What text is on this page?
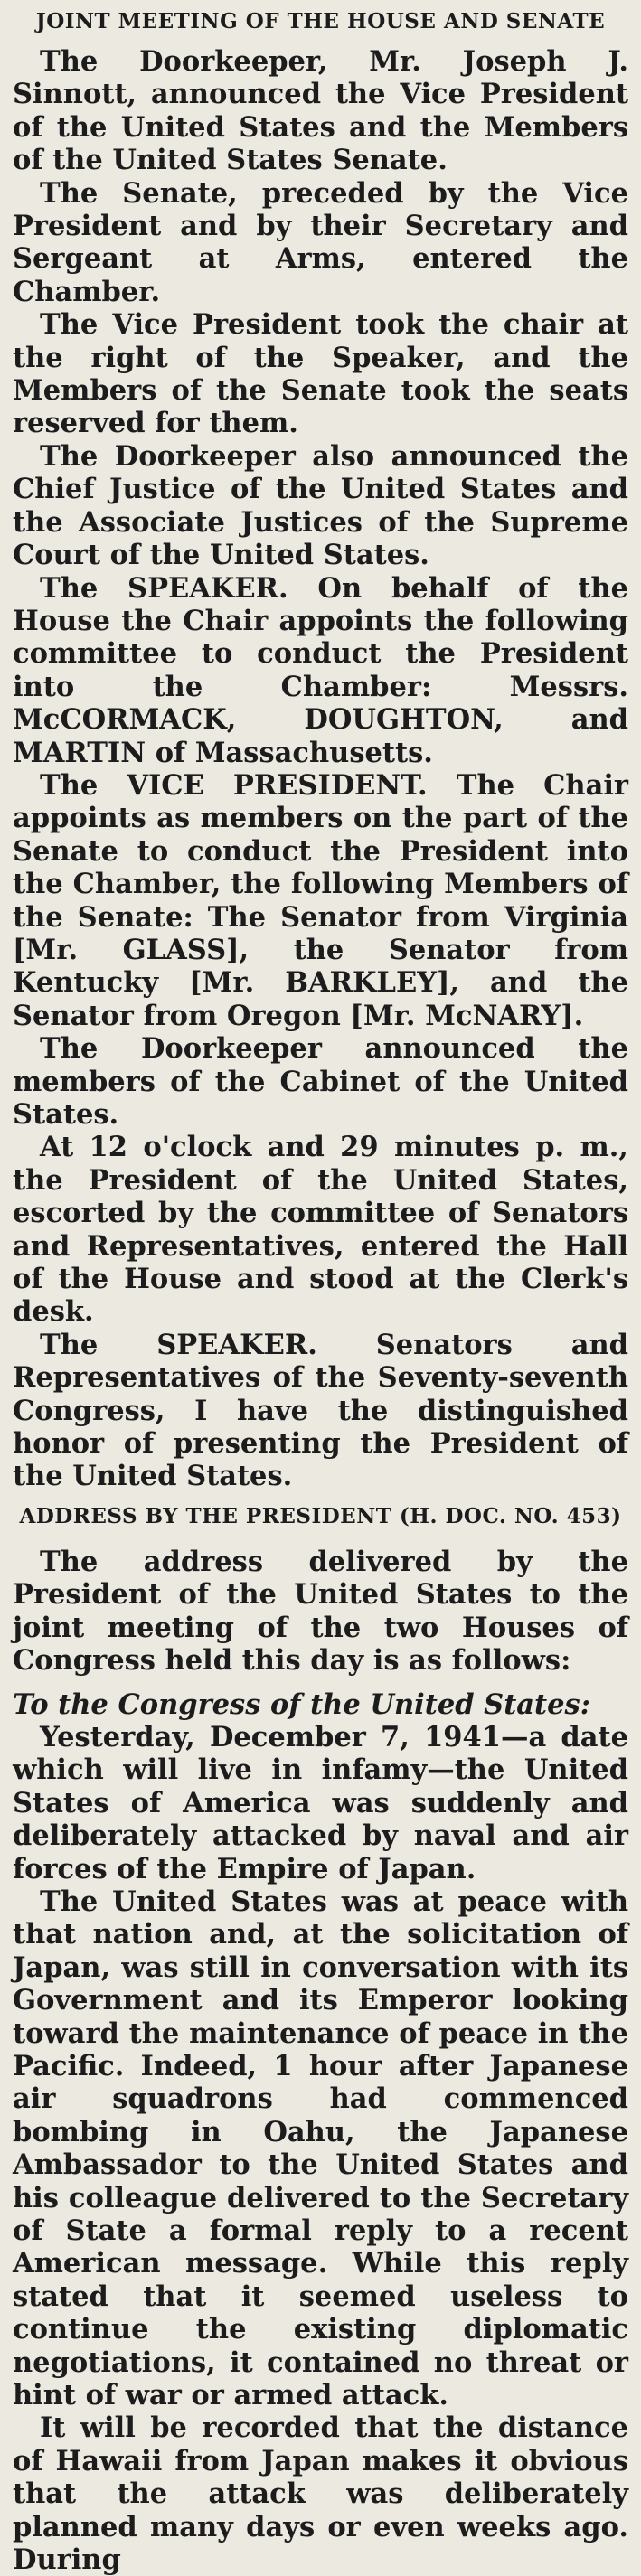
JOINT MEETING OF THE HOUSE AND SENATE

The Doorkeeper, Mr. Joseph J. Sinnott, announced the Vice President of the United States and the Members of the United States Senate.

The Senate, preceded by the Vice President and by their Secretary and Sergeant at Arms, entered the Chamber.

The Vice President took the chair at the right of the Speaker, and the Members of the Senate took the seats reserved for them.

The Doorkeeper also announced the Chief Justice of the United States and the Associate Justices of the Supreme Court of the United States.

The SPEAKER. On behalf of the House the Chair appoints the following committee to conduct the President into the Chamber: Messrs. McCORMACK, DOUGHTON, and MARTIN of Massachusetts.

The VICE PRESIDENT. The Chair appoints as members on the part of the Senate to conduct the President into the Chamber, the following Members of the Senate: The Senator from Virginia [Mr. GLASS], the Senator from Kentucky [Mr. BARKLEY], and the Senator from Oregon [Mr. McNARY].

The Doorkeeper announced the members of the Cabinet of the United States.

At 12 o'clock and 29 minutes p. m., the President of the United States, escorted by the committee of Senators and Representatives, entered the Hall of the House and stood at the Clerk's desk.

The SPEAKER. Senators and Representatives of the Seventy-seventh Congress, I have the distinguished honor of presenting the President of the United States.

ADDRESS BY THE PRESIDENT (H. DOC. NO. 453)

The address delivered by the President of the United States to the joint meeting of the two Houses of Congress held this day is as follows:

To the Congress of the United States:

Yesterday, December 7, 1941—a date which will live in infamy—the United States of America was suddenly and deliberately attacked by naval and air forces of the Empire of Japan.

The United States was at peace with that nation and, at the solicitation of Japan, was still in conversation with its Government and its Emperor looking toward the maintenance of peace in the Pacific. Indeed, 1 hour after Japanese air squadrons had commenced bombing in Oahu, the Japanese Ambassador to the United States and his colleague delivered to the Secretary of State a formal reply to a recent American message. While this reply stated that it seemed useless to continue the existing diplomatic negotiations, it contained no threat or hint of war or armed attack.

It will be recorded that the distance of Hawaii from Japan makes it obvious that the attack was deliberately planned many days or even weeks ago. During
